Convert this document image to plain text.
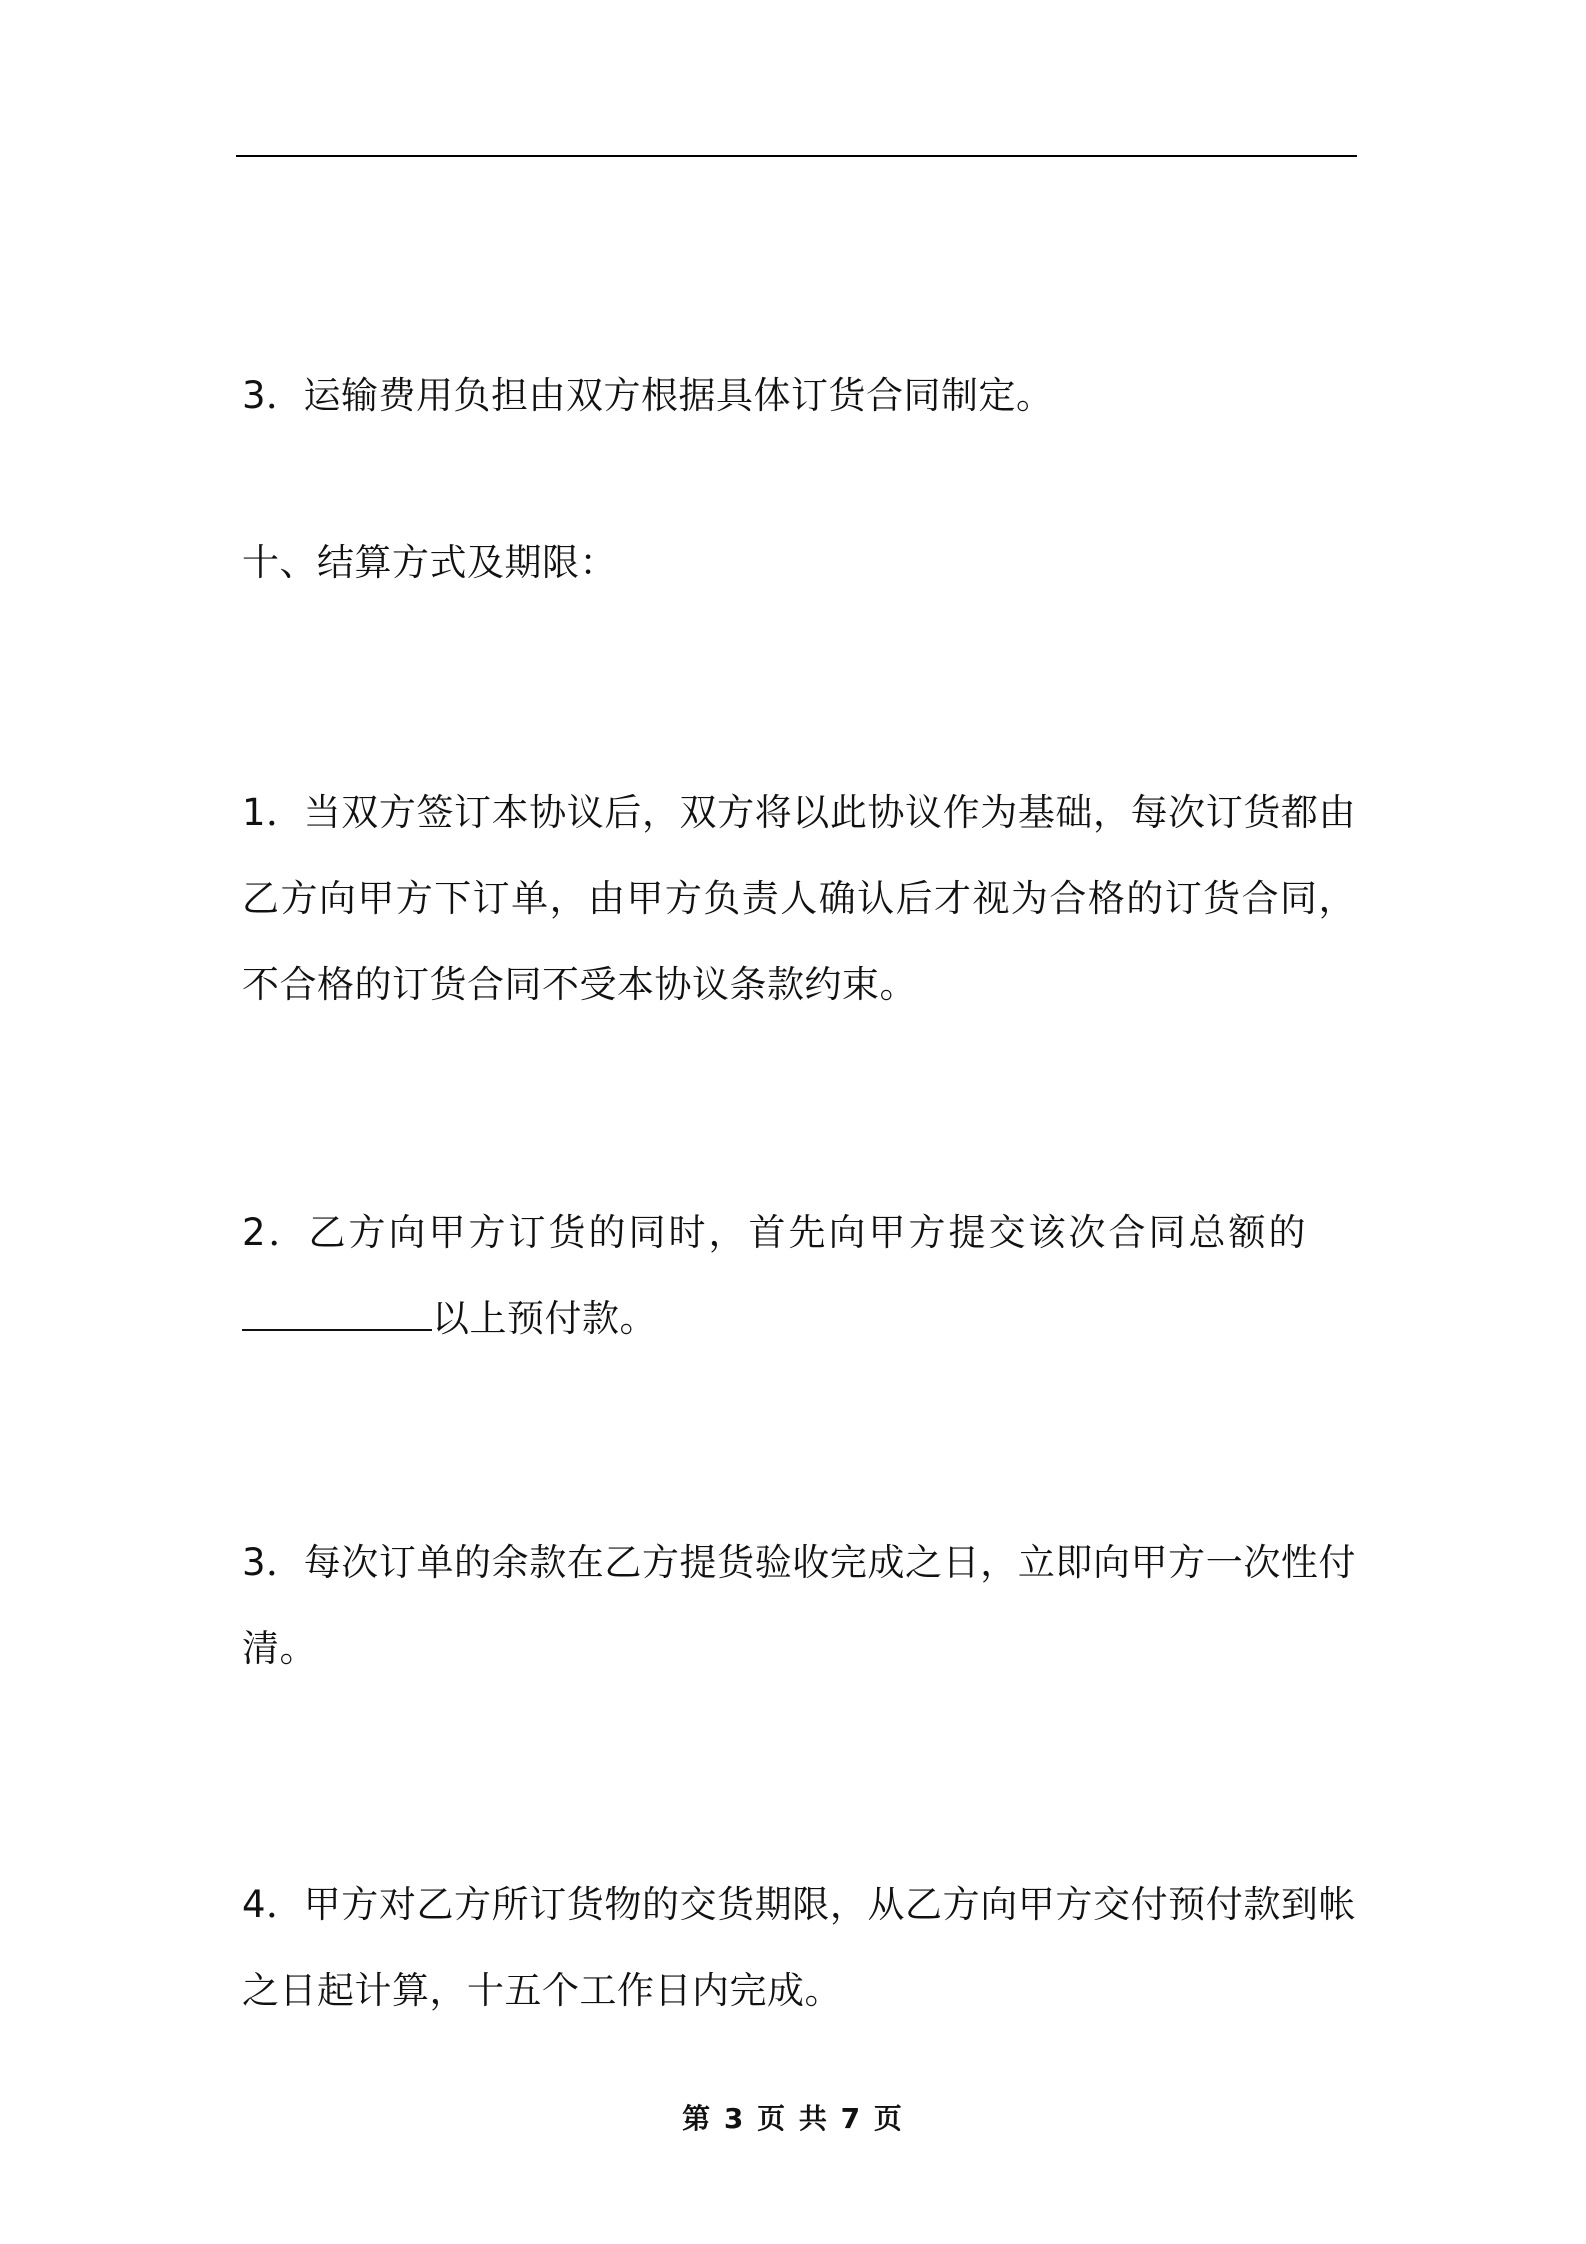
3．运输费用负担由双方根据具体订货合同制定。

十、结算方式及期限：

1．当双方签订本协议后，双方将以此协议作为基础，每次订货都由乙方向甲方下订单，由甲方负责人确认后才视为合格的订货合同，不合格的订货合同不受本协议条款约束。

2．乙方向甲方订货的同时，首先向甲方提交该次合同总额的

以上预付款。

3．每次订单的余款在乙方提货验收完成之日，立即向甲方一次性付清。

4．甲方对乙方所订货物的交货期限，从乙方向甲方交付预付款到帐之日起计算，十五个工作日内完成。

第 3 页 共 7 页
